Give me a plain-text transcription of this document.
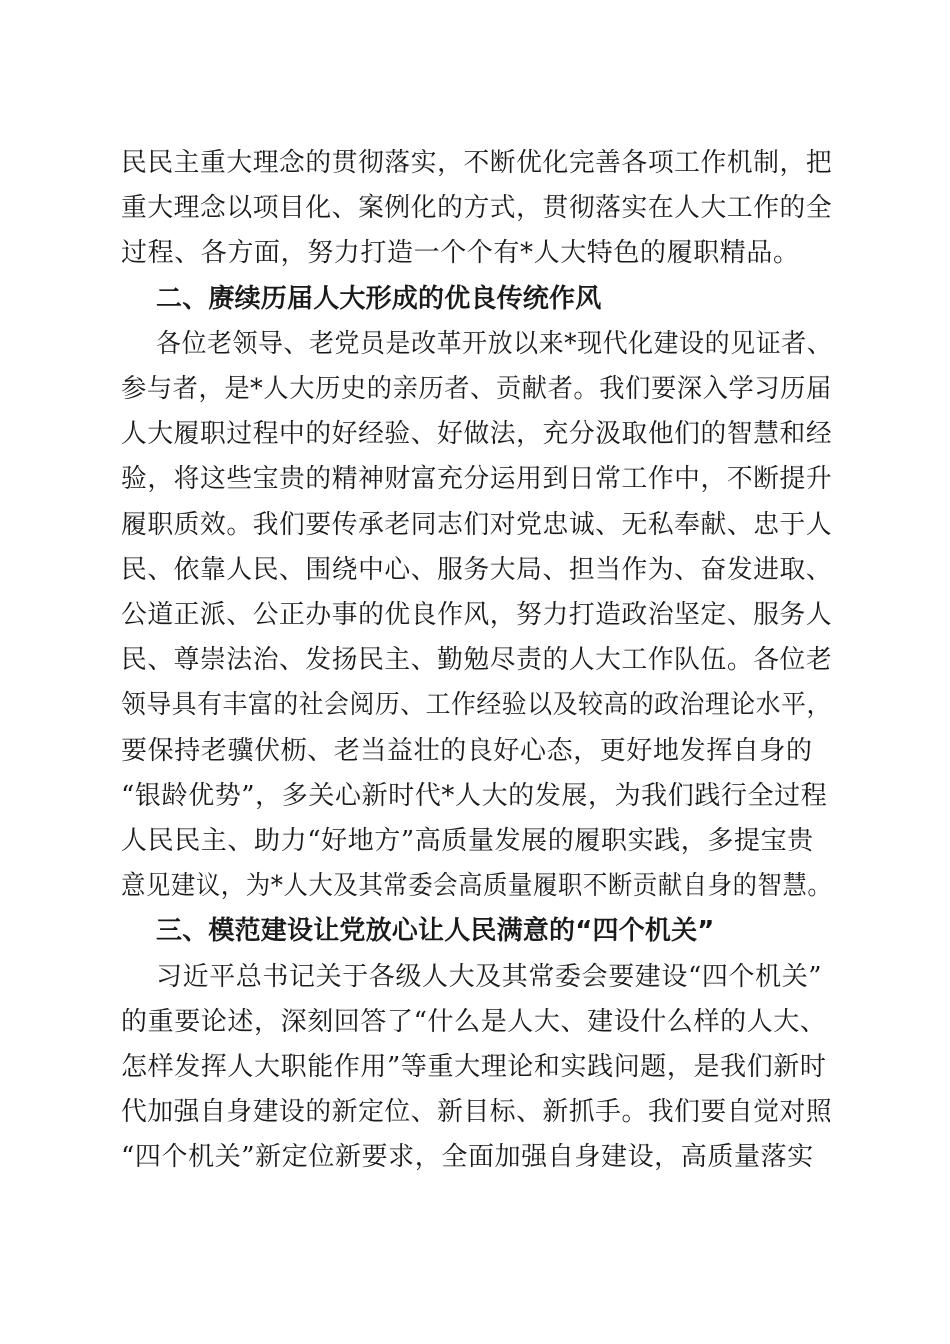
民民主重大理念的贯彻落实，不断优化完善各项工作机制，把
重大理念以项目化、案例化的方式，贯彻落实在人大工作的全
过程、各方面，努力打造一个个有*人大特色的履职精品。
二、赓续历届人大形成的优良传统作风
各位老领导、老党员是改革开放以来*现代化建设的见证者、
参与者，是*人大历史的亲历者、贡献者。我们要深入学习历届
人大履职过程中的好经验、好做法，充分汲取他们的智慧和经
验，将这些宝贵的精神财富充分运用到日常工作中，不断提升
履职质效。我们要传承老同志们对党忠诚、无私奉献、忠于人
民、依靠人民、围绕中心、服务大局、担当作为、奋发进取、
公道正派、公正办事的优良作风，努力打造政治坚定、服务人
民、尊崇法治、发扬民主、勤勉尽责的人大工作队伍。各位老
领导具有丰富的社会阅历、工作经验以及较高的政治理论水平，
要保持老骥伏枥、老当益壮的良好心态，更好地发挥自身的
“银龄优势”，多关心新时代*人大的发展，为我们践行全过程
人民民主、助力“好地方”高质量发展的履职实践，多提宝贵
意见建议，为*人大及其常委会高质量履职不断贡献自身的智慧。
三、模范建设让党放心让人民满意的“四个机关”
习近平总书记关于各级人大及其常委会要建设“四个机关”
的重要论述，深刻回答了“什么是人大、建设什么样的人大、
怎样发挥人大职能作用”等重大理论和实践问题，是我们新时
代加强自身建设的新定位、新目标、新抓手。我们要自觉对照
“四个机关”新定位新要求，全面加强自身建设，高质量落实
